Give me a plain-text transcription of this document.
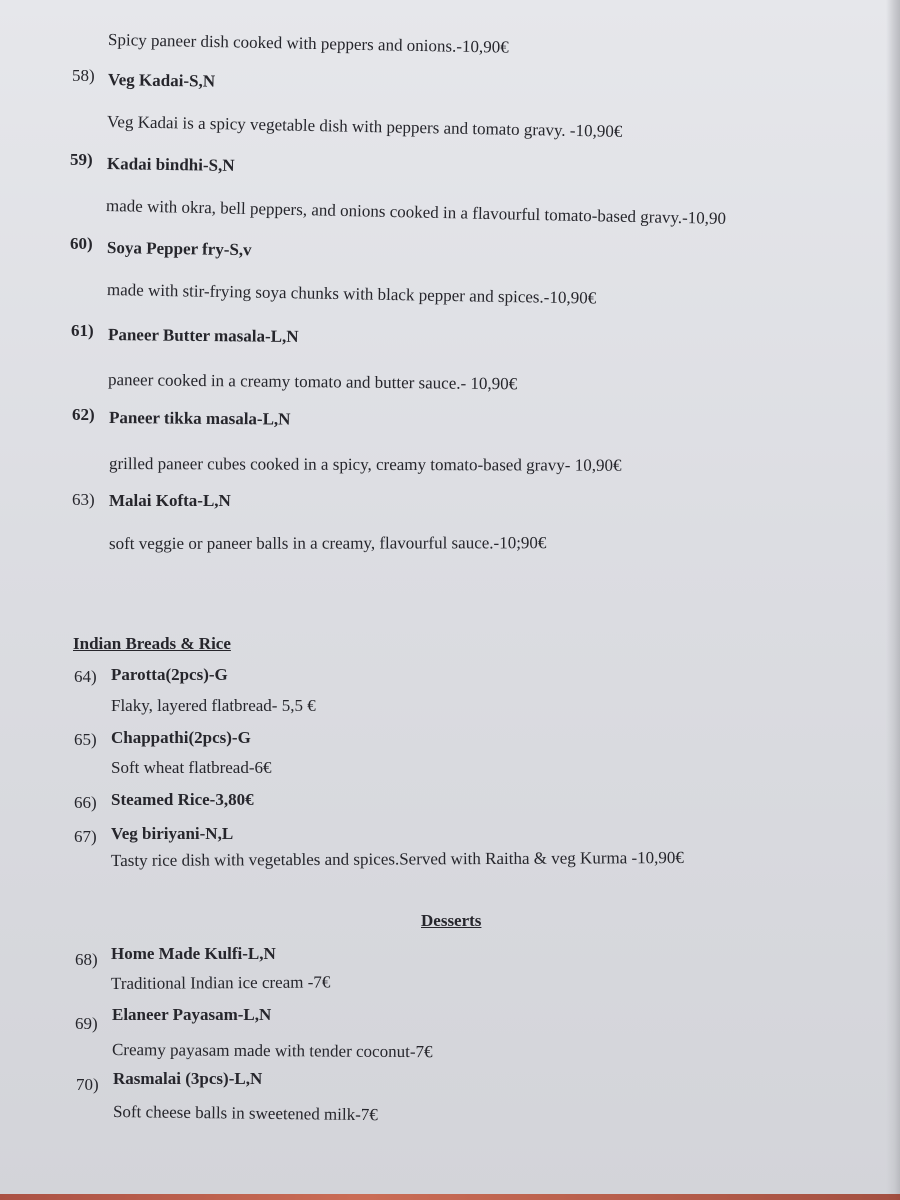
Spicy paneer dish cooked with peppers and onions.-10,90€
58) Veg Kadai-S,N
Veg Kadai is a spicy vegetable dish with peppers and tomato gravy. -10,90€
59) Kadai bindhi-S,N
made with okra, bell peppers, and onions cooked in a flavourful tomato-based gravy.-10,90
60) Soya Pepper fry-S,v
made with stir-frying soya chunks with black pepper and spices.-10,90€
61) Paneer Butter masala-L,N
paneer cooked in a creamy tomato and butter sauce.- 10,90€
62) Paneer tikka masala-L,N
grilled paneer cubes cooked in a spicy, creamy tomato-based gravy- 10,90€
63) Malai Kofta-L,N
soft veggie or paneer balls in a creamy, flavourful sauce.-10;90€
Indian Breads & Rice
64) Parotta(2pcs)-G
Flaky, layered flatbread- 5,5 €
65) Chappathi(2pcs)-G
Soft wheat flatbread-6€
66) Steamed Rice-3,80€
67) Veg biriyani-N,L
Tasty rice dish with vegetables and spices.Served with Raitha & veg Kurma -10,90€
Desserts
68) Home Made Kulfi-L,N
Traditional Indian ice cream -7€
69) Elaneer Payasam-L,N
Creamy payasam made with tender coconut-7€
70) Rasmalai (3pcs)-L,N
Soft cheese balls in sweetened milk-7€
